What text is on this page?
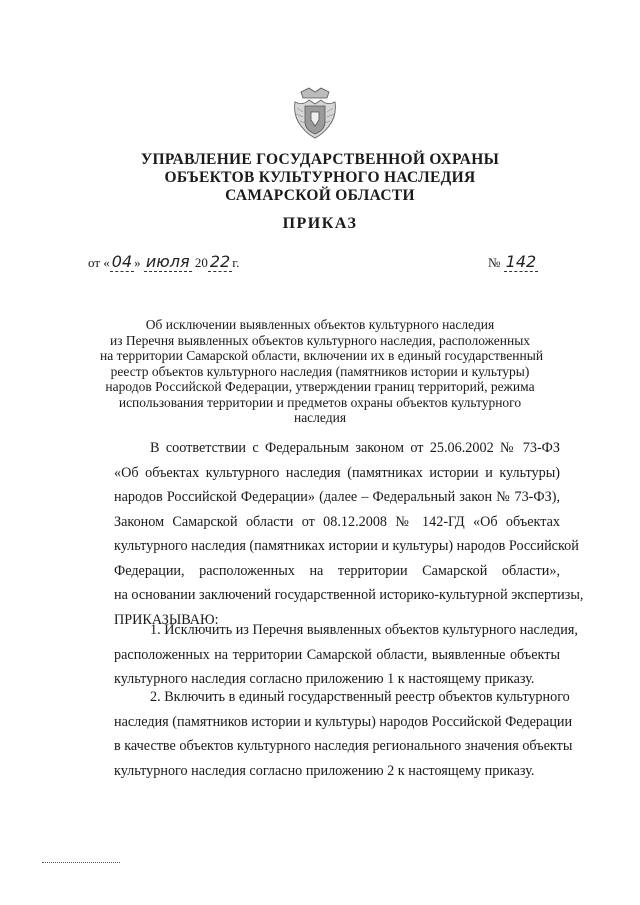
УПРАВЛЕНИЕ ГОСУДАРСТВЕННОЙ ОХРАНЫ
ОБЪЕКТОВ КУЛЬТУРНОГО НАСЛЕДИЯ
САМАРСКОЙ ОБЛАСТИ
ПРИКАЗ
от « 04 » июля 20 22 г.	№ 142
Об исключении выявленных объектов культурного наследия
из Перечня выявленных объектов культурного наследия, расположенных
на территории Самарской области, включении их в единый государственный
реестр объектов культурного наследия (памятников истории и культуры)
народов Российской Федерации, утверждении границ территорий, режима
использования территории и предметов охраны объектов культурного
наследия
В соответствии с Федеральным законом от 25.06.2002 № 73-ФЗ
«Об объектах культурного наследия (памятниках истории и культуры)
народов Российской Федерации» (далее – Федеральный закон № 73-ФЗ),
Законом Самарской области от 08.12.2008 № 142-ГД «Об объектах
культурного наследия (памятниках истории и культуры) народов Российской
Федерации, расположенных на территории Самарской области»,
на основании заключений государственной историко-культурной экспертизы,
ПРИКАЗЫВАЮ:
1. Исключить из Перечня выявленных объектов культурного наследия,
расположенных на территории Самарской области, выявленные объекты
культурного наследия согласно приложению 1 к настоящему приказу.
2. Включить в единый государственный реестр объектов культурного
наследия (памятников истории и культуры) народов Российской Федерации
в качестве объектов культурного наследия регионального значения объекты
культурного наследия согласно приложению 2 к настоящему приказу.
